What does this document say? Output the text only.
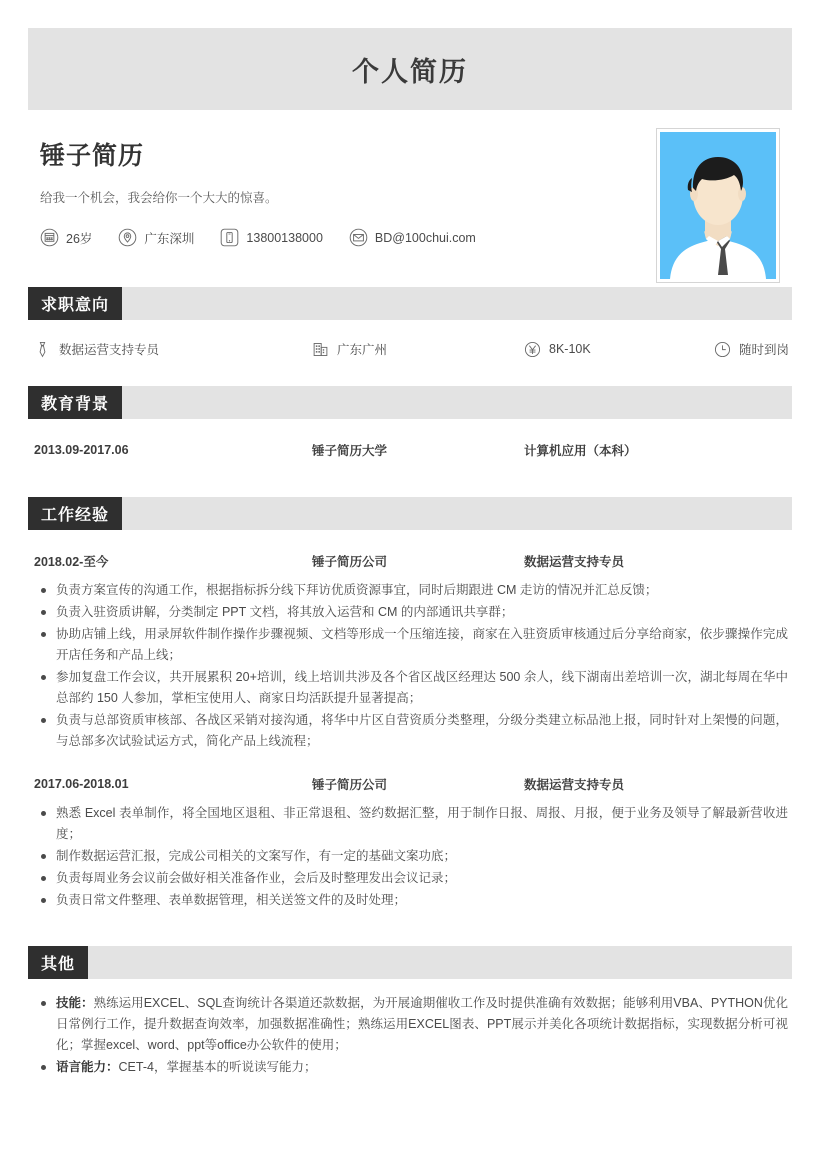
个人简历
锤子简历
给我一个机会，我会给你一个大大的惊喜。
26岁	广东深圳	13800138000	BD@100chui.com
求职意向
数据运营支持专员	广东广州	8K-10K	随时到岗
教育背景
2013.09-2017.06	锤子简历大学	计算机应用（本科）
工作经验
2018.02-至今	锤子简历公司	数据运营支持专员
负责方案宣传的沟通工作，根据指标拆分线下拜访优质资源事宜，同时后期跟进 CM 走访的情况并汇总反馈；
负责入驻资质讲解，分类制定 PPT 文档，将其放入运营和 CM 的内部通讯共享群；
协助店铺上线，用录屏软件制作操作步骤视频、文档等形成一个压缩连接，商家在入驻资质审核通过后分享给商家，依步骤操作完成开店任务和产品上线；
参加复盘工作会议，共开展累积 20+培训，线上培训共涉及各个省区战区经理达 500 余人，线下湖南出差培训一次，湖北每周在华中总部约 150 人参加，掌柜宝使用人、商家日均活跃提升显著提高；
负责与总部资质审核部、各战区采销对接沟通，将华中片区自营资质分类整理，分级分类建立标品池上报，同时针对上架慢的问题，与总部多次试验试运方式，简化产品上线流程；
2017.06-2018.01	锤子简历公司	数据运营支持专员
熟悉 Excel 表单制作，将全国地区退租、非正常退租、签约数据汇整，用于制作日报、周报、月报，便于业务及领导了解最新营收进度；
制作数据运营汇报，完成公司相关的文案写作，有一定的基础文案功底；
负责每周业务会议前会做好相关准备作业，会后及时整理发出会议记录；
负责日常文件整理、表单数据管理，相关送签文件的及时处理；
其他
技能：熟练运用EXCEL、SQL查询统计各渠道还款数据，为开展逾期催收工作及时提供准确有效数据；能够利用VBA、PYTHON优化日常例行工作，提升数据查询效率，加强数据准确性；熟练运用EXCEL图表、PPT展示并美化各项统计数据指标，实现数据分析可视化；掌握excel、word、ppt等office办公软件的使用；
语言能力：CET-4，掌握基本的听说读写能力；
